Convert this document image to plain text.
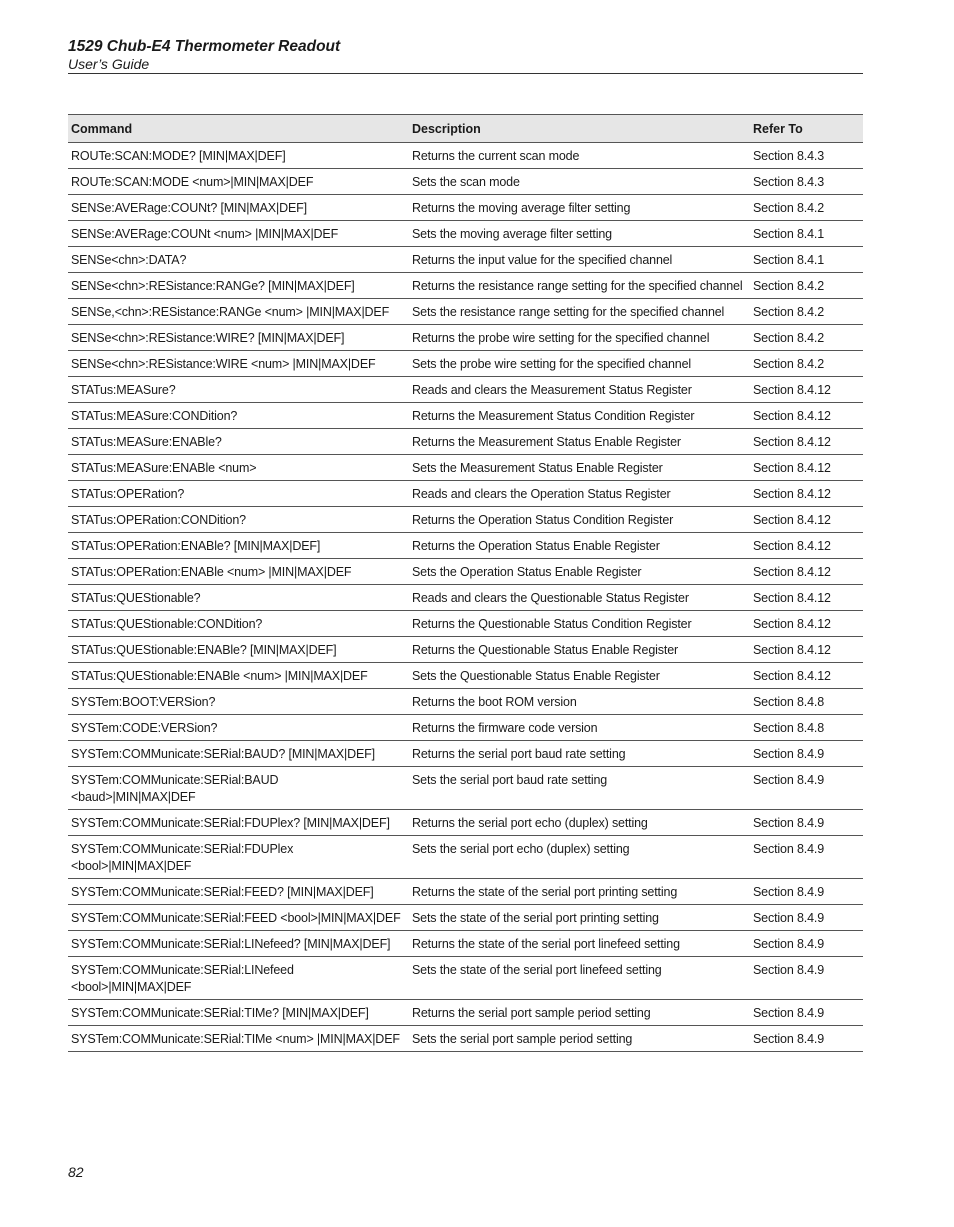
1529 Chub-E4 Thermometer Readout
User’s Guide
Command	Description	Refer To
ROUTe:SCAN:MODE? [MIN|MAX|DEF]	Returns the current scan mode	Section 8.4.3
ROUTe:SCAN:MODE <num>|MIN|MAX|DEF	Sets the scan mode	Section 8.4.3
SENSe:AVERage:COUNt? [MIN|MAX|DEF]	Returns the moving average filter setting	Section 8.4.2
SENSe:AVERage:COUNt <num> |MIN|MAX|DEF	Sets the moving average filter setting	Section 8.4.1
SENSe<chn>:DATA?	Returns the input value for the specified channel	Section 8.4.1
SENSe<chn>:RESistance:RANGe? [MIN|MAX|DEF]	Returns the resistance range setting for the specified channel	Section 8.4.2
SENSe,<chn>:RESistance:RANGe <num> |MIN|MAX|DEF	Sets the resistance range setting for the specified channel	Section 8.4.2
SENSe<chn>:RESistance:WIRE? [MIN|MAX|DEF]	Returns the probe wire setting for the specified channel	Section 8.4.2
SENSe<chn>:RESistance:WIRE <num> |MIN|MAX|DEF	Sets the probe wire setting for the specified channel	Section 8.4.2
STATus:MEASure?	Reads and clears the Measurement Status Register	Section 8.4.12
STATus:MEASure:CONDition?	Returns the Measurement Status Condition Register	Section 8.4.12
STATus:MEASure:ENABle?	Returns the Measurement Status Enable Register	Section 8.4.12
STATus:MEASure:ENABle <num>	Sets the Measurement Status Enable Register	Section 8.4.12
STATus:OPERation?	Reads and clears the Operation Status Register	Section 8.4.12
STATus:OPERation:CONDition?	Returns the Operation Status Condition Register	Section 8.4.12
STATus:OPERation:ENABle? [MIN|MAX|DEF]	Returns the Operation Status Enable Register	Section 8.4.12
STATus:OPERation:ENABle <num> |MIN|MAX|DEF	Sets the Operation Status Enable Register	Section 8.4.12
STATus:QUEStionable?	Reads and clears the Questionable Status Register	Section 8.4.12
STATus:QUEStionable:CONDition?	Returns the Questionable Status Condition Register	Section 8.4.12
STATus:QUEStionable:ENABle? [MIN|MAX|DEF]	Returns the Questionable Status Enable Register	Section 8.4.12
STATus:QUEStionable:ENABle <num> |MIN|MAX|DEF	Sets the Questionable Status Enable Register	Section 8.4.12
SYSTem:BOOT:VERSion?	Returns the boot ROM version	Section 8.4.8
SYSTem:CODE:VERSion?	Returns the firmware code version	Section 8.4.8
SYSTem:COMMunicate:SERial:BAUD? [MIN|MAX|DEF]	Returns the serial port baud rate setting	Section 8.4.9
SYSTem:COMMunicate:SERial:BAUD <baud>|MIN|MAX|DEF	Sets the serial port baud rate setting	Section 8.4.9
SYSTem:COMMunicate:SERial:FDUPlex? [MIN|MAX|DEF]	Returns the serial port echo (duplex) setting	Section 8.4.9
SYSTem:COMMunicate:SERial:FDUPlex <bool>|MIN|MAX|DEF	Sets the serial port echo (duplex) setting	Section 8.4.9
SYSTem:COMMunicate:SERial:FEED? [MIN|MAX|DEF]	Returns the state of the serial port printing setting	Section 8.4.9
SYSTem:COMMunicate:SERial:FEED <bool>|MIN|MAX|DEF	Sets the state of the serial port printing setting	Section 8.4.9
SYSTem:COMMunicate:SERial:LINefeed? [MIN|MAX|DEF]	Returns the state of the serial port linefeed setting	Section 8.4.9
SYSTem:COMMunicate:SERial:LINefeed <bool>|MIN|MAX|DEF	Sets the state of the serial port linefeed setting	Section 8.4.9
SYSTem:COMMunicate:SERial:TIMe? [MIN|MAX|DEF]	Returns the serial port sample period setting	Section 8.4.9
SYSTem:COMMunicate:SERial:TIMe <num> |MIN|MAX|DEF	Sets the serial port sample period setting	Section 8.4.9
82
